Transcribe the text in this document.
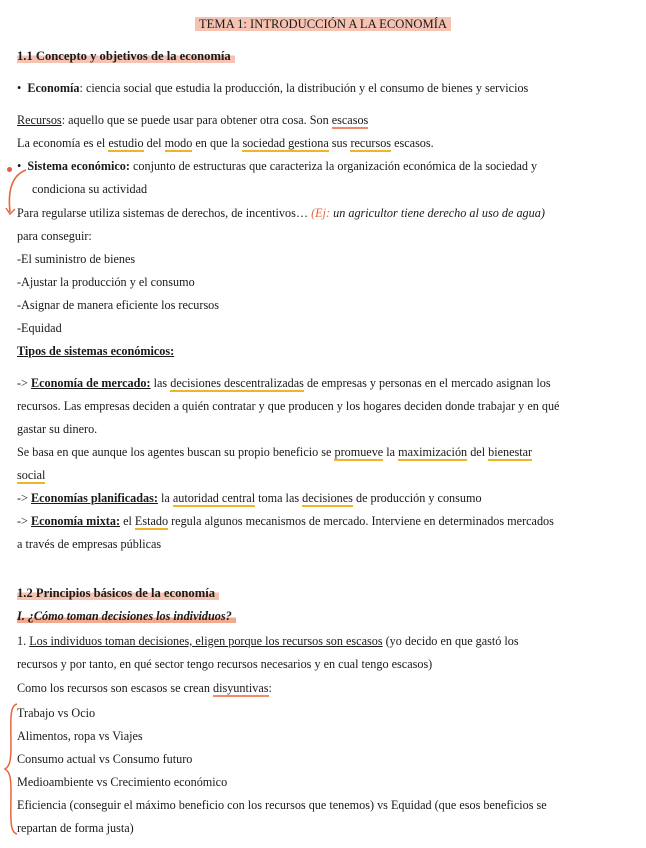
TEMA 1: INTRODUCCIÓN A LA ECONOMÍA
1.1 Concepto y objetivos de la economía
•  Economía: ciencia social que estudia la producción, la distribución y el consumo de bienes y servicios
Recursos: aquello que se puede usar para obtener otra cosa. Son escasos
La economía es el estudio del modo en que la sociedad gestiona sus recursos escasos.
•  Sistema económico: conjunto de estructuras que caracteriza la organización económica de la sociedad y
condiciona su actividad
Para regularse utiliza sistemas de derechos, de incentivos… (Ej: un agricultor tiene derecho al uso de agua)
para conseguir:
-El suministro de bienes
-Ajustar la producción y el consumo
-Asignar de manera eficiente los recursos
-Equidad
Tipos de sistemas económicos:
-> Economía de mercado: las decisiones descentralizadas de empresas y personas en el mercado asignan los
recursos. Las empresas deciden a quién contratar y que producen y los hogares deciden donde trabajar y en qué
gastar su dinero.
Se basa en que aunque los agentes buscan su propio beneficio se promueve la maximización del bienestar
social
-> Economías planificadas: la autoridad central toma las decisiones de producción y consumo
-> Economía mixta: el Estado regula algunos mecanismos de mercado. Interviene en determinados mercados
a través de empresas públicas
1.2 Principios básicos de la economía
I. ¿Cómo toman decisiones los individuos?
1. Los individuos toman decisiones, eligen porque los recursos son escasos (yo decido en que gastó los
recursos y por tanto, en qué sector tengo recursos necesarios y en cual tengo escasos)
Como los recursos son escasos se crean disyuntivas:
Trabajo vs Ocio
Alimentos, ropa vs Viajes
Consumo actual vs Consumo futuro
Medioambiente vs Crecimiento económico
Eficiencia (conseguir el máximo beneficio con los recursos que tenemos) vs Equidad (que esos beneficios se
repartan de forma justa)
